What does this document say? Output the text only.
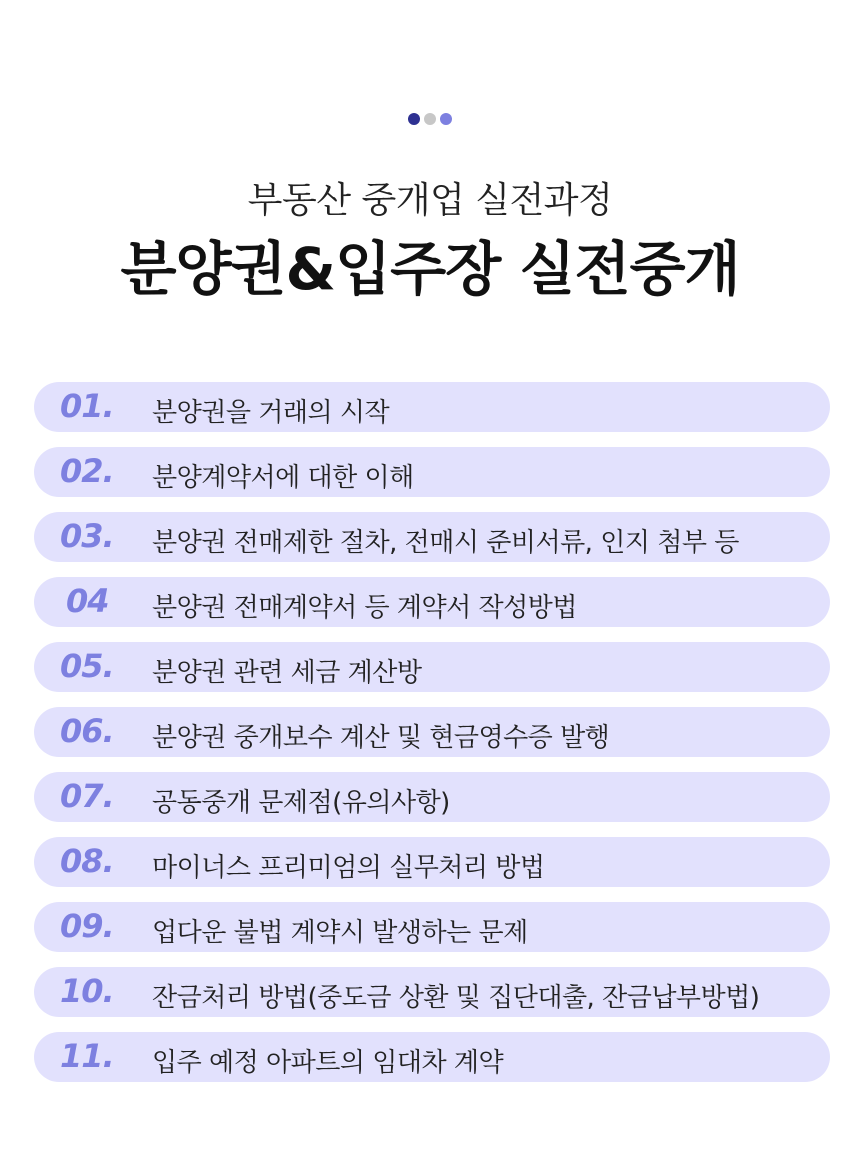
부동산 중개업 실전과정
분양권&입주장 실전중개
01.	분양권을 거래의 시작
02.	분양계약서에 대한 이해
03.	분양권 전매제한 절차, 전매시 준비서류, 인지 첨부 등
04	분양권 전매계약서 등 계약서 작성방법
05.	분양권 관련 세금 계산방
06.	분양권 중개보수 계산 및 현금영수증 발행
07.	공동중개 문제점(유의사항)
08.	마이너스 프리미엄의 실무처리 방법
09.	업다운 불법 계약시 발생하는 문제
10.	잔금처리 방법(중도금 상환 및 집단대출, 잔금납부방법)
11.	입주 예정 아파트의 임대차 계약
